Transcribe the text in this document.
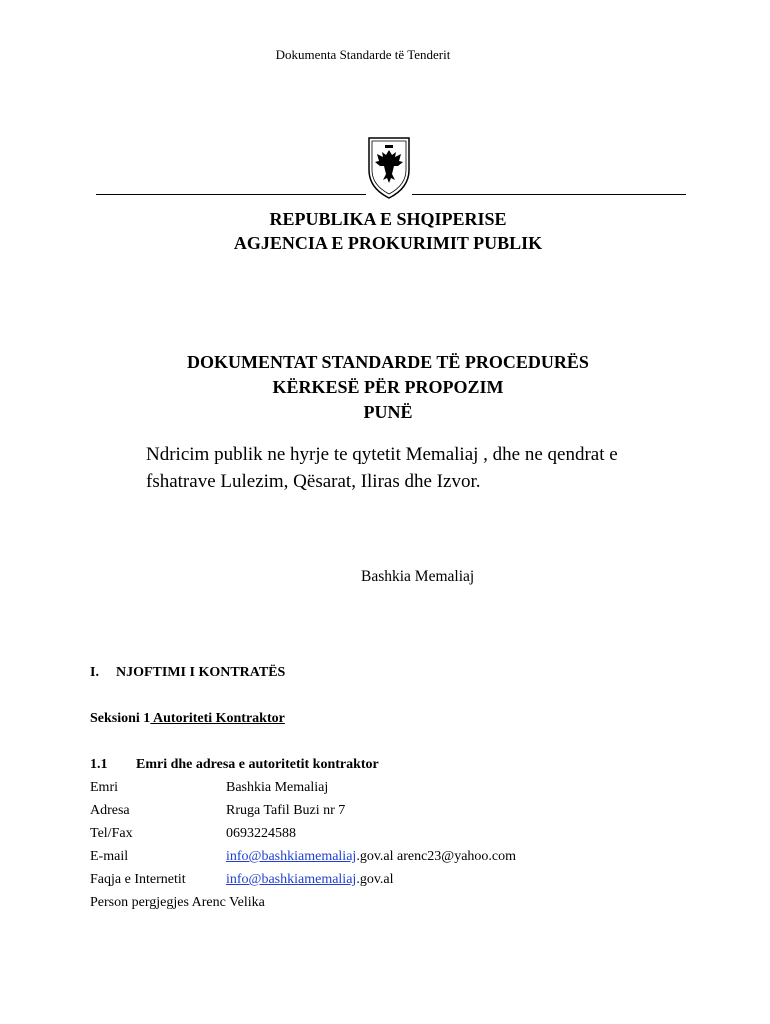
Dokumenta Standarde të Tenderit
REPUBLIKA E SHQIPERISE
AGJENCIA E PROKURIMIT PUBLIK
DOKUMENTAT STANDARDE TË PROCEDURËS
KËRKESË PËR PROPOZIM
PUNË
Ndricim publik ne hyrje te qytetit Memaliaj , dhe ne qendrat e
fshatrave Lulezim, Qësarat, Iliras dhe Izvor.
Bashkia Memaliaj
I. NJOFTIMI I KONTRATËS
Seksioni 1 Autoriteti Kontraktor
1.1 Emri dhe adresa e autoritetit kontraktor
Emri	Bashkia Memaliaj
Adresa	Rruga Tafil Buzi nr 7
Tel/Fax	0693224588
E-mail	info@bashkiamemaliaj.gov.al arenc23@yahoo.com
Faqja e Internetit	info@bashkiamemaliaj.gov.al
Person pergjegjes Arenc Velika
